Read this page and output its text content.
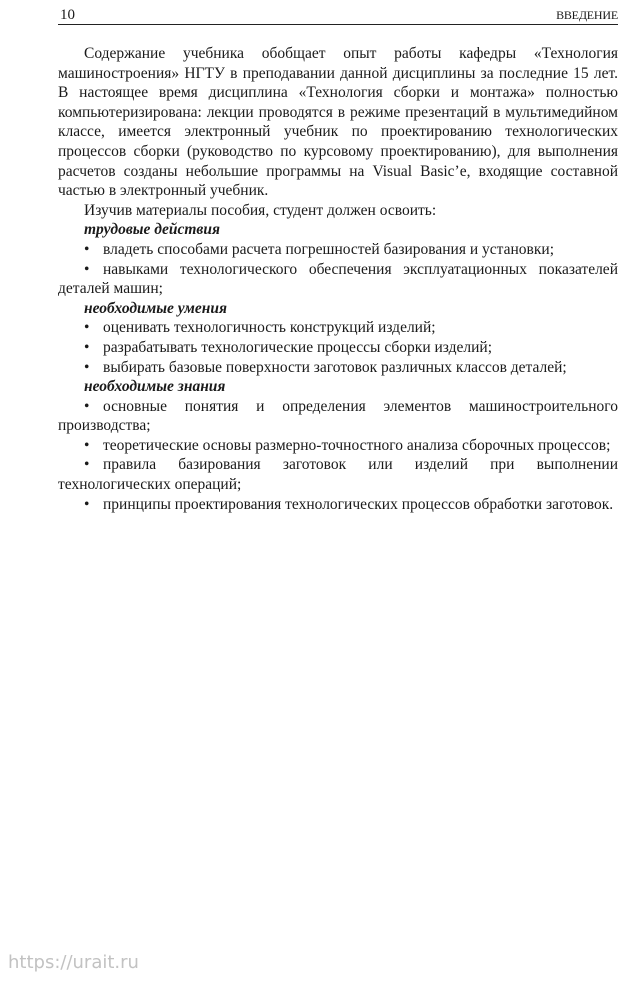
10	ВВЕДЕНИЕ

Содержание учебника обобщает опыт работы кафедры «Технология машиностроения» НГТУ в преподавании данной дисциплины за последние 15 лет. В настоящее время дисциплина «Технология сборки и монтажа» полностью компьютеризирована: лекции проводятся в режиме презентаций в мультимедийном классе, имеется электронный учебник по проектированию технологических процессов сборки (руководство по курсовому проектированию), для выполнения расчетов созданы небольшие программы на Visual Basic’e, входящие составной частью в электронный учебник.

Изучив материалы пособия, студент должен освоить:

трудовые действия

• владеть способами расчета погрешностей базирования и установки;

• навыками технологического обеспечения эксплуатационных показателей деталей машин;

необходимые умения

• оценивать технологичность конструкций изделий;

• разрабатывать технологические процессы сборки изделий;

• выбирать базовые поверхности заготовок различных классов деталей;

необходимые знания

• основные понятия и определения элементов машиностроительного производства;

• теоретические основы размерно-точностного анализа сборочных процессов;

• правила базирования заготовок или изделий при выполнении технологических операций;

• принципы проектирования технологических процессов обработки заготовок.

https://urait.ru
